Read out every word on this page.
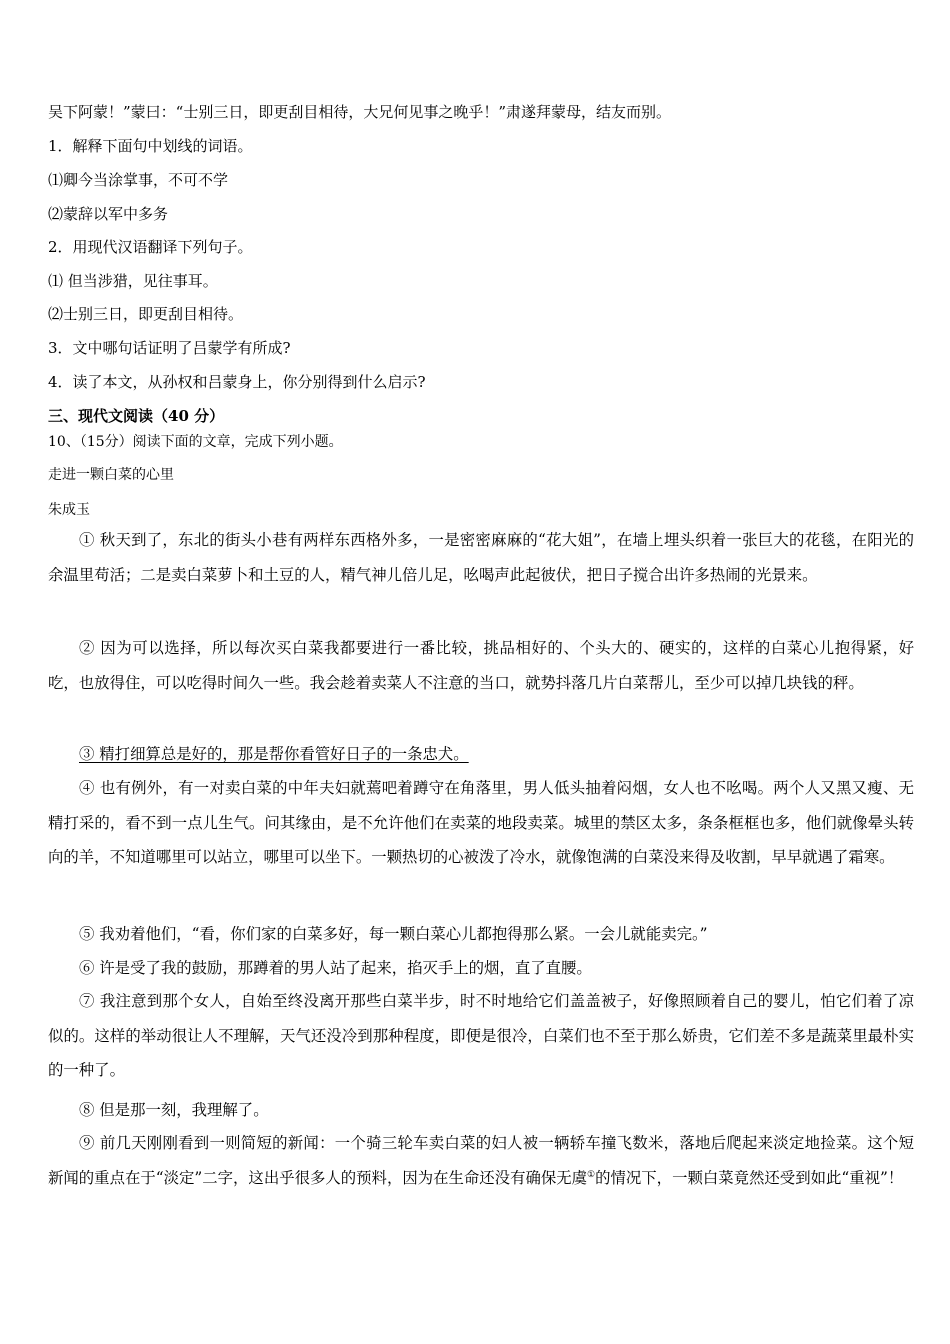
吴下阿蒙！”蒙曰：“士别三日，即更刮目相待，大兄何见事之晚乎！”肃遂拜蒙母，结友而别。
1．解释下面句中划线的词语。
⑴卿今当涂掌事，不可不学
⑵蒙辞以军中多务
2．用现代汉语翻译下列句子。
⑴ 但当涉猎，见往事耳。
⑵士别三日，即更刮目相待。
3．文中哪句话证明了吕蒙学有所成?
4．读了本文，从孙权和吕蒙身上，你分别得到什么启示?
三、现代文阅读（40 分）
10、（15分）阅读下面的文章，完成下列小题。
走进一颗白菜的心里
朱成玉
① 秋天到了，东北的街头小巷有两样东西格外多，一是密密麻麻的“花大姐”，在墙上埋头织着一张巨大的花毯，在阳光的余温里苟活；二是卖白菜萝卜和土豆的人，精气神儿倍儿足，吆喝声此起彼伏，把日子搅合出许多热闹的光景来。
② 因为可以选择，所以每次买白菜我都要进行一番比较，挑品相好的、个头大的、硬实的，这样的白菜心儿抱得紧，好吃，也放得住，可以吃得时间久一些。我会趁着卖菜人不注意的当口，就势抖落几片白菜帮儿，至少可以掉几块钱的秤。
③ 精打细算总是好的，那是帮你看管好日子的一条忠犬。
④ 也有例外，有一对卖白菜的中年夫妇就蔫吧着蹲守在角落里，男人低头抽着闷烟，女人也不吆喝。两个人又黑又瘦、无精打采的，看不到一点儿生气。问其缘由，是不允许他们在卖菜的地段卖菜。城里的禁区太多，条条框框也多，他们就像晕头转向的羊，不知道哪里可以站立，哪里可以坐下。一颗热切的心被泼了冷水，就像饱满的白菜没来得及收割，早早就遇了霜寒。
⑤ 我劝着他们，“看，你们家的白菜多好，每一颗白菜心儿都抱得那么紧。一会儿就能卖完。”
⑥ 许是受了我的鼓励，那蹲着的男人站了起来，掐灭手上的烟，直了直腰。
⑦ 我注意到那个女人，自始至终没离开那些白菜半步，时不时地给它们盖盖被子，好像照顾着自己的婴儿，怕它们着了凉似的。这样的举动很让人不理解，天气还没冷到那种程度，即便是很冷，白菜们也不至于那么娇贵，它们差不多是蔬菜里最朴实的一种了。
⑧ 但是那一刻，我理解了。
⑨ 前几天刚刚看到一则简短的新闻：一个骑三轮车卖白菜的妇人被一辆轿车撞飞数米，落地后爬起来淡定地捡菜。这个短新闻的重点在于“淡定”二字，这出乎很多人的预料，因为在生命还没有确保无虞①的情况下，一颗白菜竟然还受到如此“重视”！
